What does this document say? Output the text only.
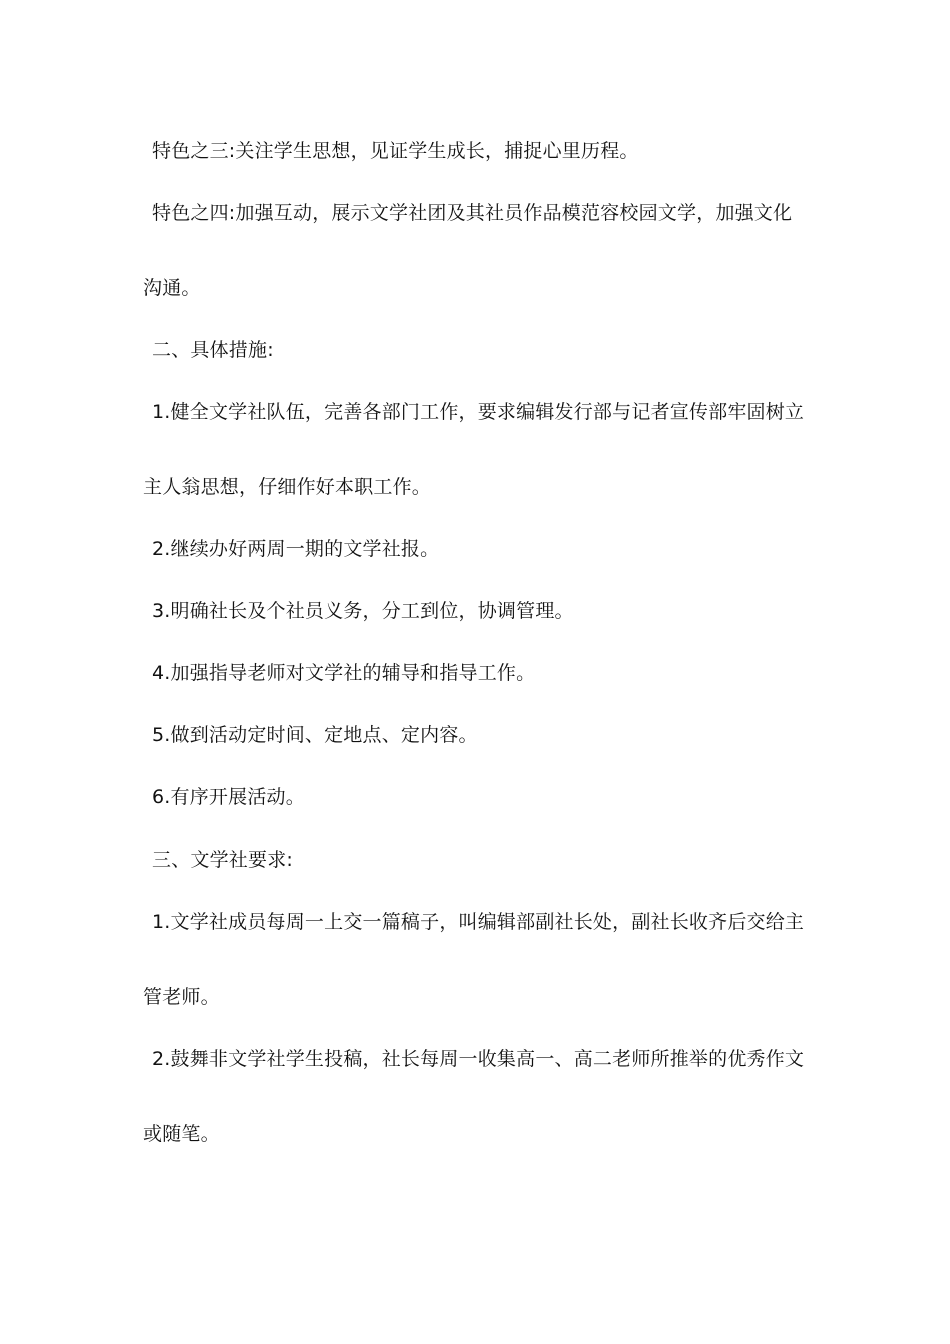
特色之三:关注学生思想，见证学生成长，捕捉心里历程。
特色之四:加强互动，展示文学社团及其社员作品模范容校园文学，加强文化
沟通。
二、具体措施:
1.健全文学社队伍，完善各部门工作，要求编辑发行部与记者宣传部牢固树立
主人翁思想，仔细作好本职工作。
2.继续办好两周一期的文学社报。
3.明确社长及个社员义务，分工到位，协调管理。
4.加强指导老师对文学社的辅导和指导工作。
5.做到活动定时间、定地点、定内容。
6.有序开展活动。
三、文学社要求:
1.文学社成员每周一上交一篇稿子，叫编辑部副社长处，副社长收齐后交给主
管老师。
2.鼓舞非文学社学生投稿，社长每周一收集高一、高二老师所推举的优秀作文
或随笔。
